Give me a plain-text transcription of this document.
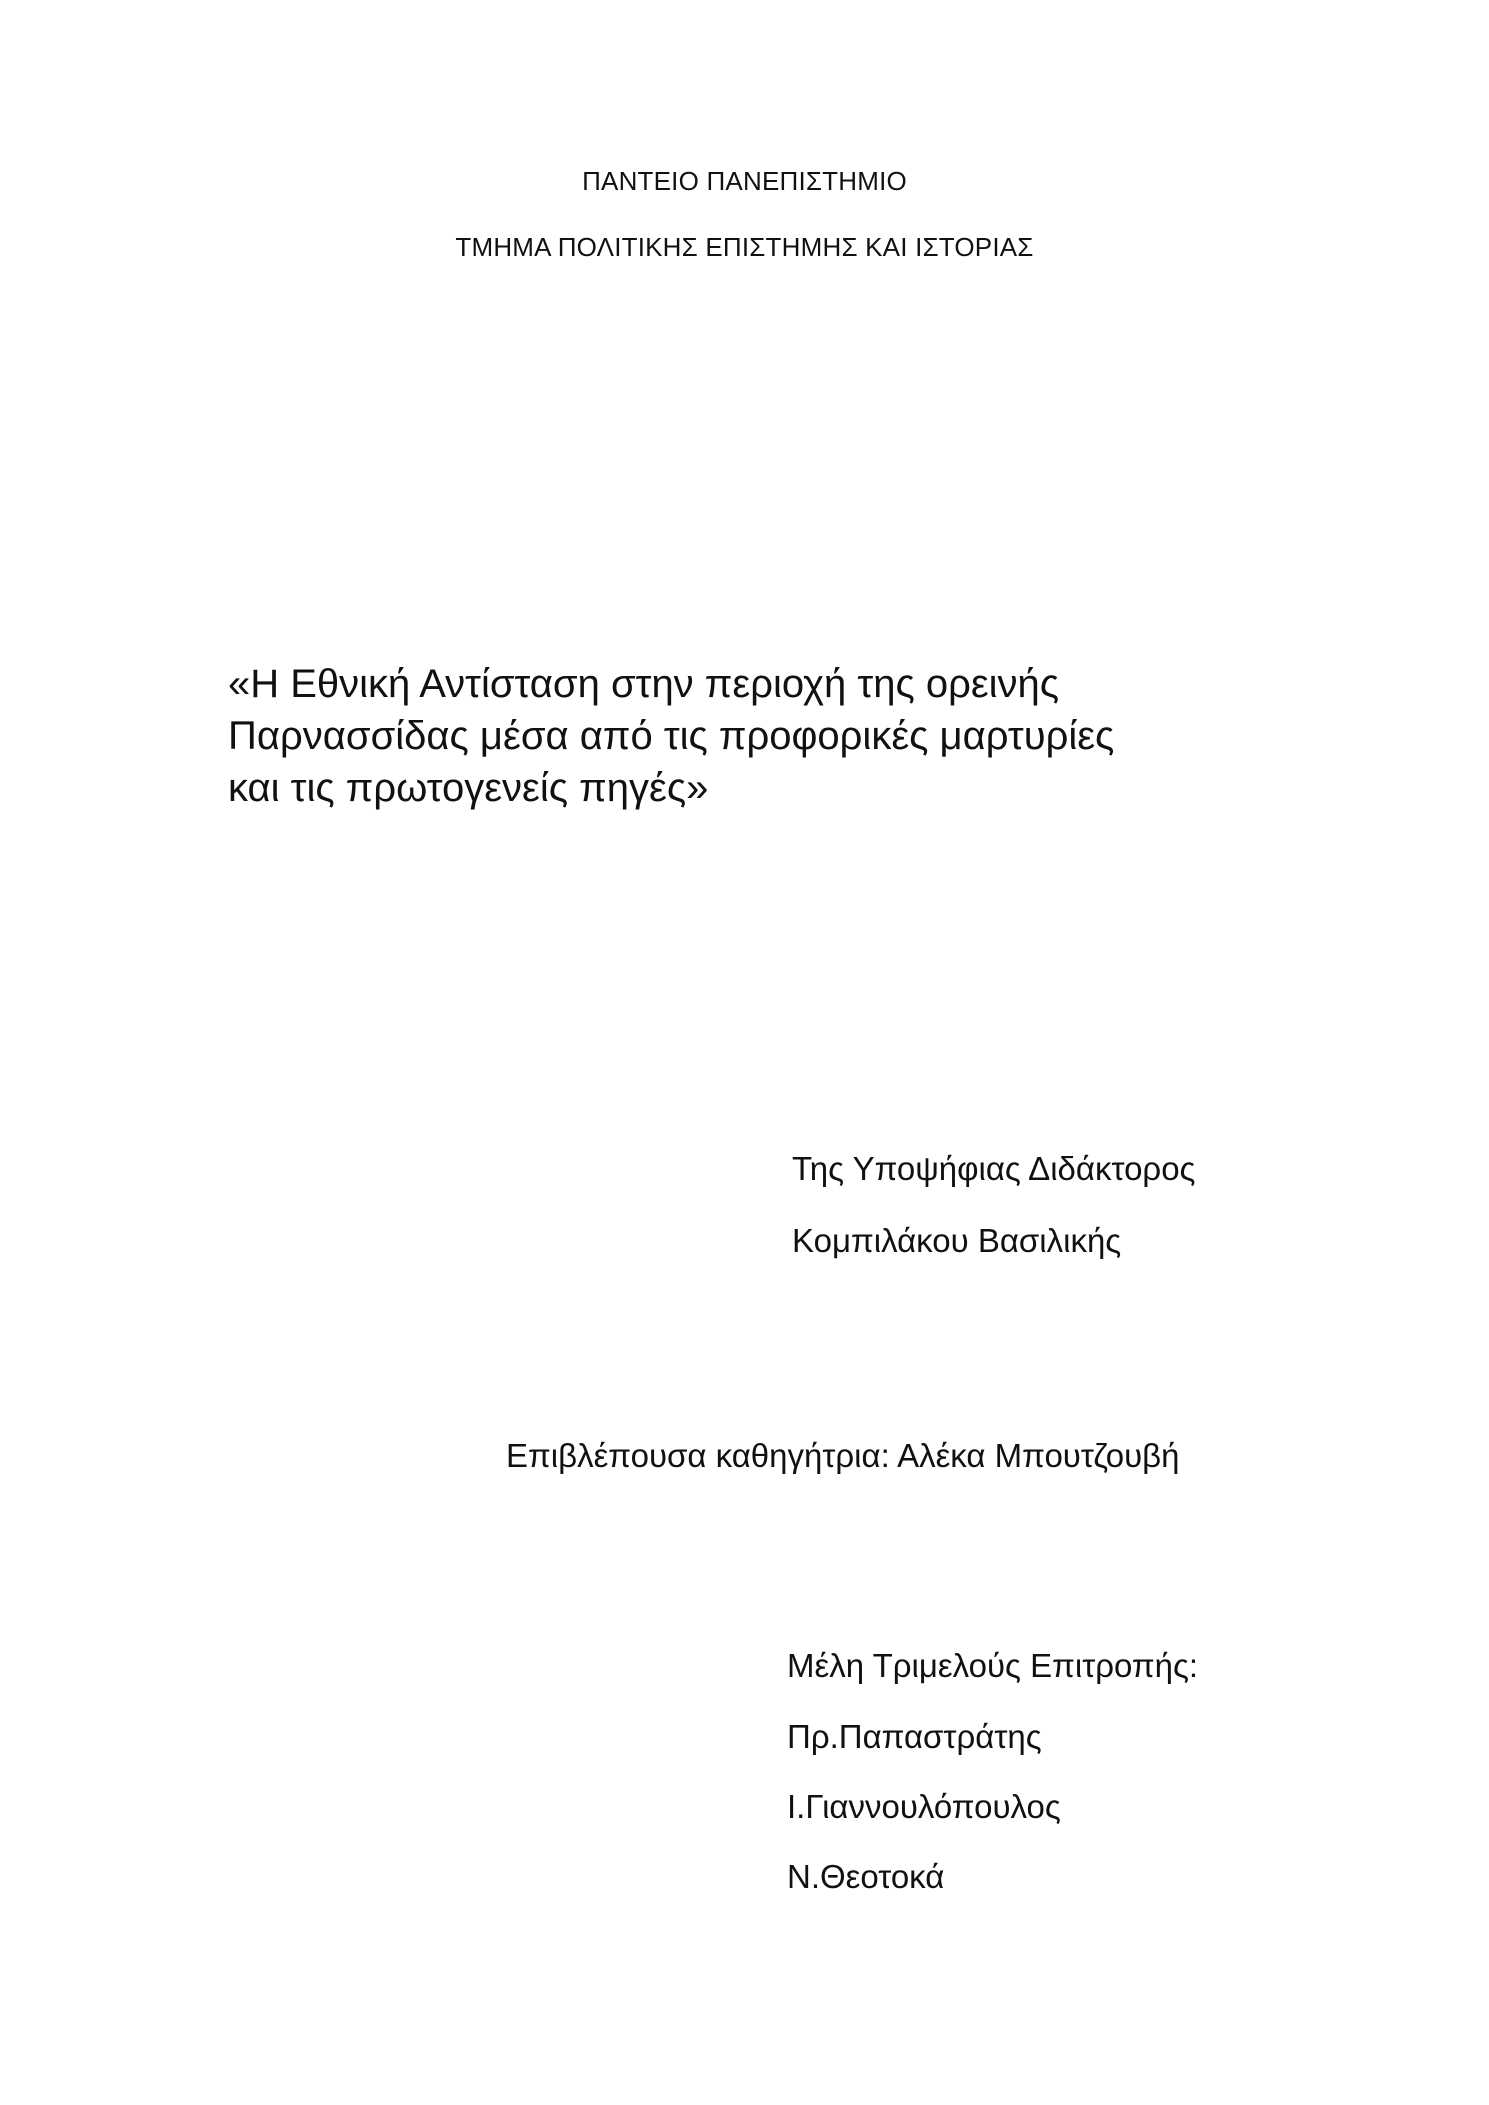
ΠΑΝΤΕΙΟ ΠΑΝΕΠΙΣΤΗΜΙΟ
ΤΜΗΜΑ ΠΟΛΙΤΙΚΗΣ ΕΠΙΣΤΗΜΗΣ ΚΑΙ ΙΣΤΟΡΙΑΣ
«Η Εθνική Αντίσταση στην περιοχή της ορεινής
Παρνασσίδας μέσα από τις προφορικές μαρτυρίες
και τις πρωτογενείς πηγές»
Της Υποψήφιας Διδάκτορος
Κομπιλάκου Βασιλικής
Επιβλέπουσα καθηγήτρια: Αλέκα Μπουτζουβή
Μέλη Τριμελούς Επιτροπής:
Πρ.Παπαστράτης
Ι.Γιαννουλόπουλος
Ν.Θεοτοκά
